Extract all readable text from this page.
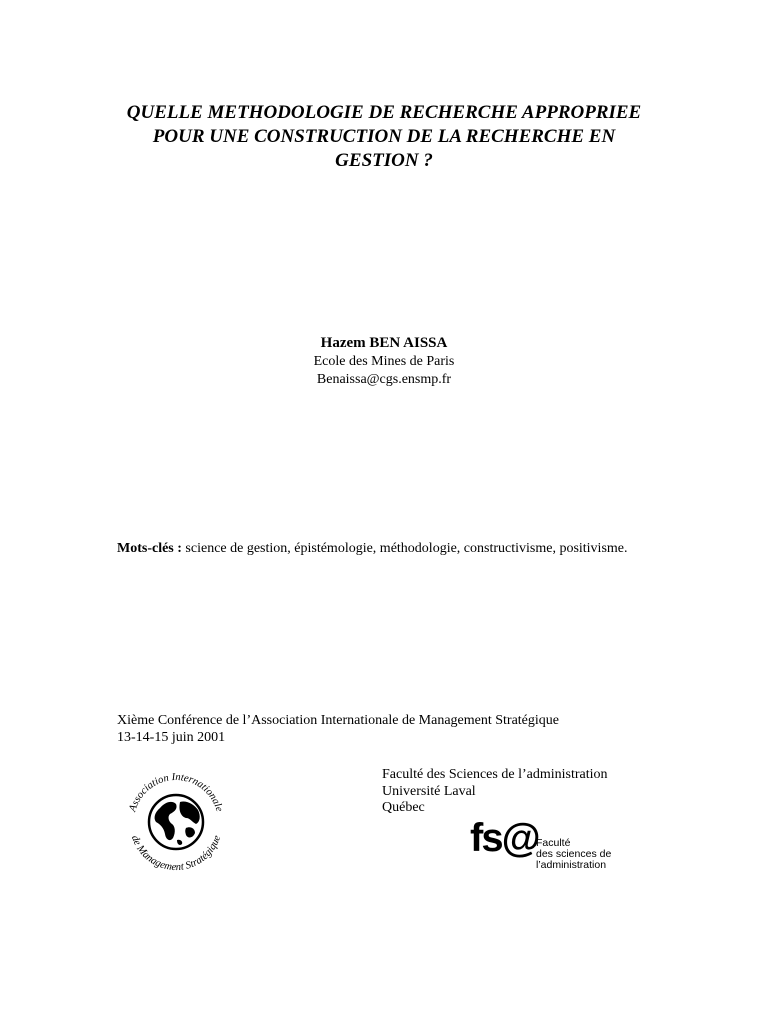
QUELLE METHODOLOGIE DE RECHERCHE APPROPRIEE
POUR UNE CONSTRUCTION DE LA RECHERCHE EN
GESTION ?
Hazem BEN AISSA
Ecole des Mines de Paris
Benaissa@cgs.ensmp.fr
Mots-clés : science de gestion, épistémologie, méthodologie, constructivisme, positivisme.
Xième Conférence de l’Association Internationale de Management Stratégique
13-14-15 juin 2001
Association Internationale
de Management Stratégique
Faculté des Sciences de l’administration
Université Laval
Québec
fs@
Faculté
des sciences de
l’administration
